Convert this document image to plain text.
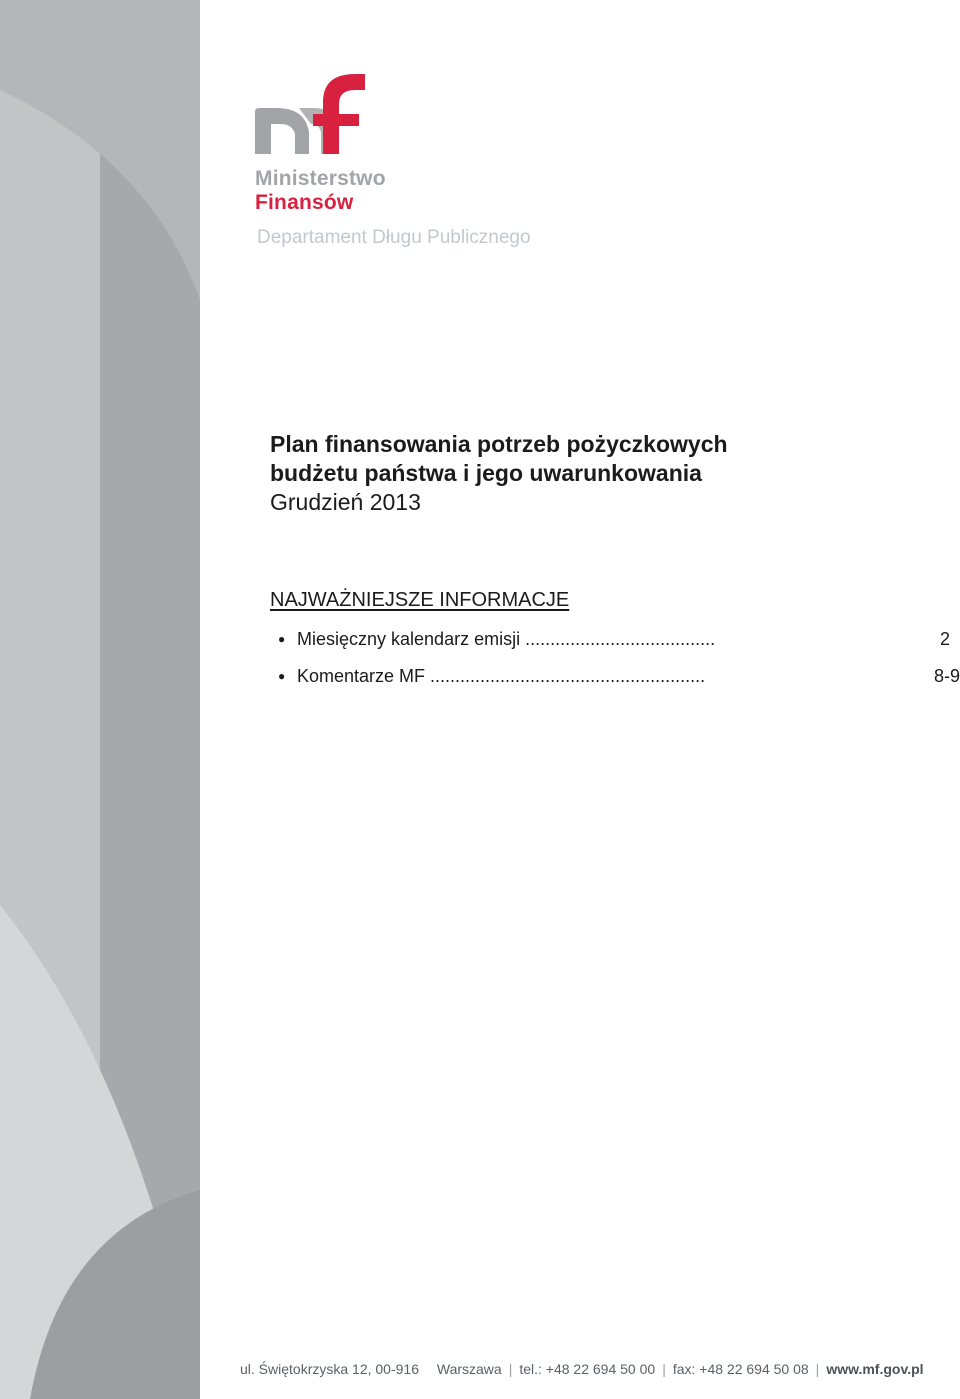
Ministerstwo
Finansów
Departament Długu Publicznego
Plan finansowania potrzeb pożyczkowych
budżetu państwa i jego uwarunkowania
Grudzień 2013
NAJWAŻNIEJSZE INFORMACJE
● Miesięczny kalendarz emisji ......................................	2
● Komentarze MF .......................................................	8-9
ul. Świętokrzyska 12, 00-916 Warszawa | tel.: +48 22 694 50 00 | fax: +48 22 694 50 08 | www.mf.gov.pl
